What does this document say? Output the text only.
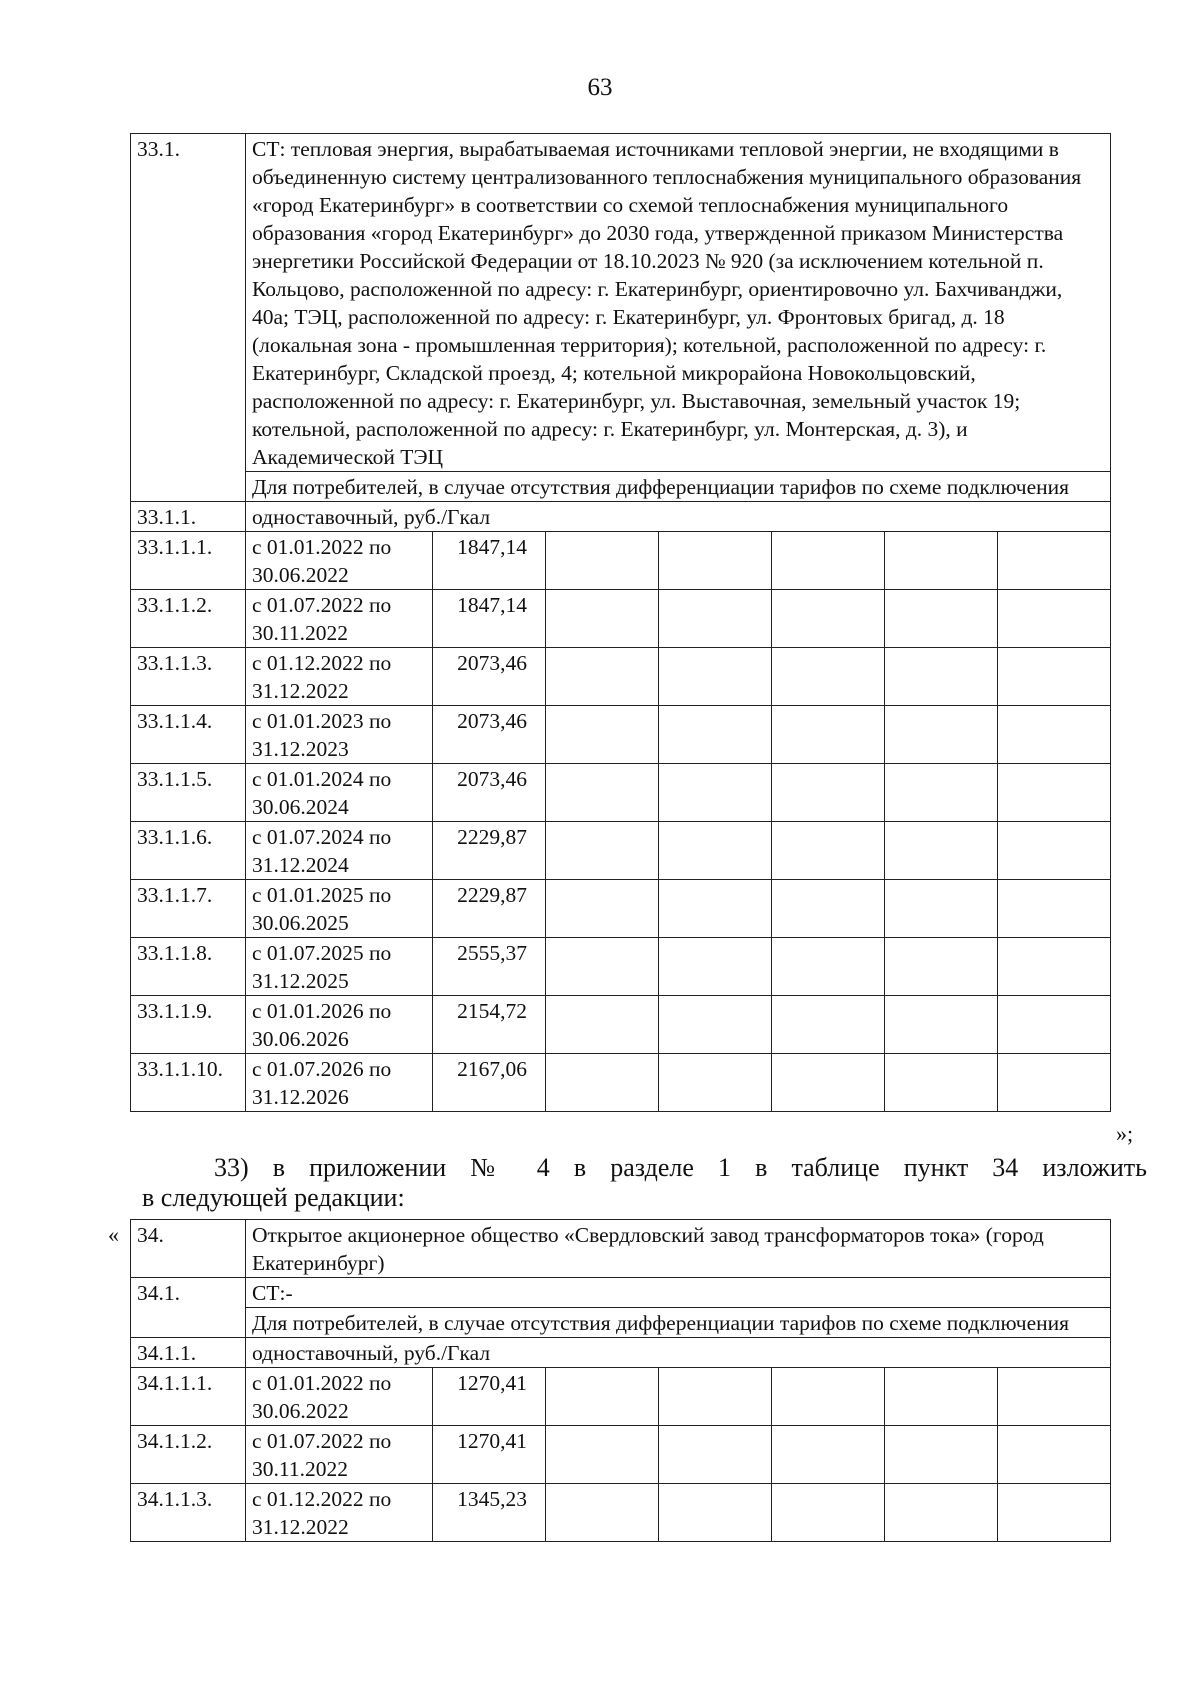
63
33.1.	СТ: тепловая энергия, вырабатываемая источниками тепловой энергии, не входящими в объединенную систему централизованного теплоснабжения муниципального образования «город Екатеринбург» в соответствии со схемой теплоснабжения муниципального образования «город Екатеринбург» до 2030 года, утвержденной приказом Министерства энергетики Российской Федерации от 18.10.2023 № 920 (за исключением котельной п. Кольцово, расположенной по адресу: г. Екатеринбург, ориентировочно ул. Бахчиванджи, 40а; ТЭЦ, расположенной по адресу: г. Екатеринбург, ул. Фронтовых бригад, д. 18 (локальная зона - промышленная территория); котельной, расположенной по адресу: г. Екатеринбург, Складской проезд, 4; котельной микрорайона Новокольцовский, расположенной по адресу: г. Екатеринбург, ул. Выставочная, земельный участок 19; котельной, расположенной по адресу: г. Екатеринбург, ул. Монтерская, д. 3), и Академической ТЭЦ						
	Для потребителей, в случае отсутствия дифференциации тарифов по схеме подключения						
33.1.1.	одноставочный, руб./Гкал						
33.1.1.1.	с 01.01.2022 по 30.06.2022	1847,14					
33.1.1.2.	с 01.07.2022 по 30.11.2022	1847,14					
33.1.1.3.	с 01.12.2022 по 31.12.2022	2073,46					
33.1.1.4.	с 01.01.2023 по 31.12.2023	2073,46					
33.1.1.5.	с 01.01.2024 по 30.06.2024	2073,46					
33.1.1.6.	с 01.07.2024 по 31.12.2024	2229,87					
33.1.1.7.	с 01.01.2025 по 30.06.2025	2229,87					
33.1.1.8.	с 01.07.2025 по 31.12.2025	2555,37					
33.1.1.9.	с 01.01.2026 по 30.06.2026	2154,72					
33.1.1.10.	с 01.07.2026 по 31.12.2026	2167,06					
»;
33) в приложении № 4 в разделе 1 в таблице пункт 34 изложить
в следующей редакции:
« 34.	Открытое акционерное общество «Свердловский завод трансформаторов тока» (город Екатеринбург)						
34.1.	СТ:-						
	Для потребителей, в случае отсутствия дифференциации тарифов по схеме подключения						
34.1.1.	одноставочный, руб./Гкал						
34.1.1.1.	с 01.01.2022 по 30.06.2022	1270,41					
34.1.1.2.	с 01.07.2022 по 30.11.2022	1270,41					
34.1.1.3.	с 01.12.2022 по 31.12.2022	1345,23					
